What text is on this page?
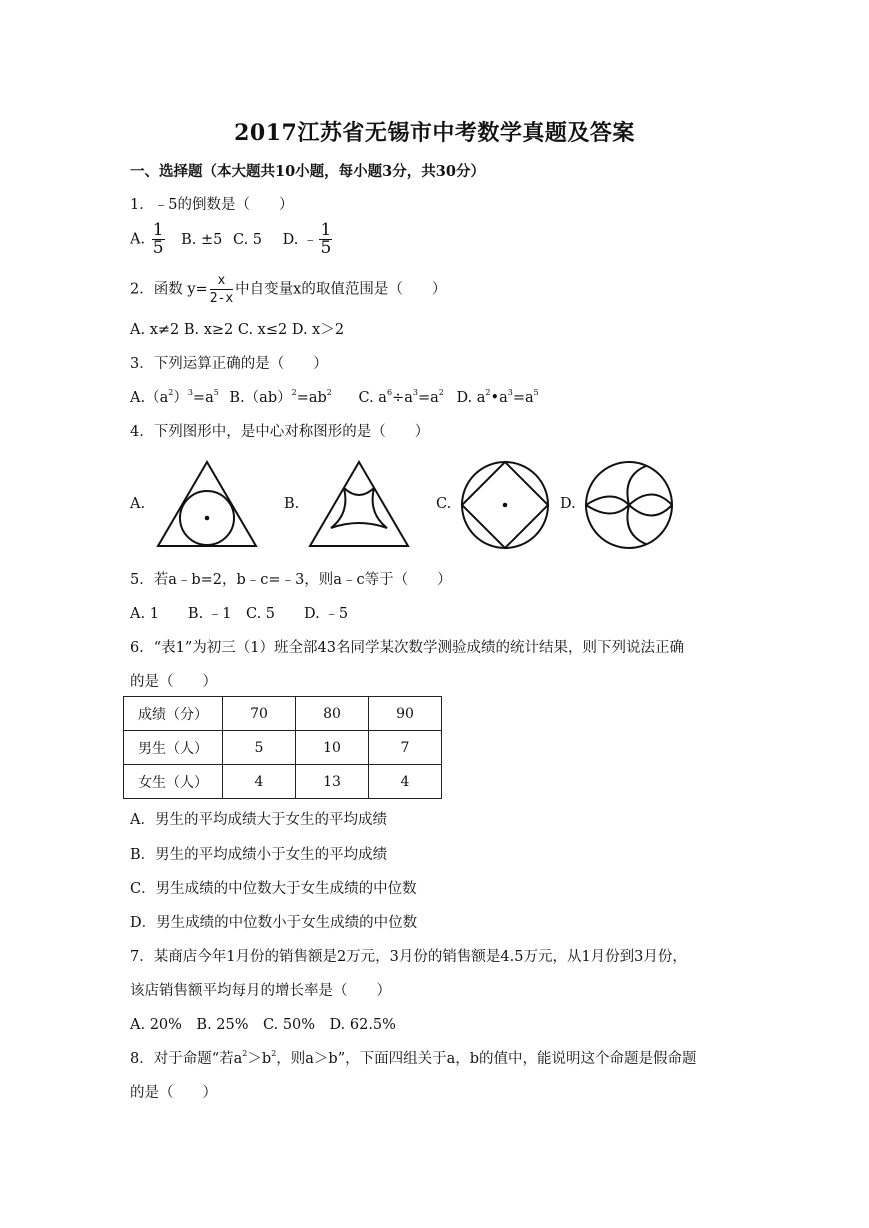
2017江苏省无锡市中考数学真题及答案
一、选择题（本大题共10小题，每小题3分，共30分）
1．﹣5的倒数是（　　）
A. $\frac{1}{5} B$. ±5 C. 5 D. ﹣ $\frac{1}{5}$
2．函数 $y= \frac{x}{2-x}$ 中自变量x的取值范围是（　　）
A. x≠2 B. x≥2 C. x≤2 D. x＞2
3．下列运算正确的是（　　）
$A.(a^2)^3=a^5$ $B.(ab)^2=ab^2$ C. $a^6\div a^3=a^2$ D. $a^2•a^3=a^5$
4．下列图形中，是中心对称图形的是（　　）
A.	B.	C.	D.
5．若a﹣b=2，b﹣c=﹣3，则a﹣c等于（　　）
A. 1　　B. ﹣1　C. 5　　D. ﹣5
6．“表1”为初三（1）班全部43名同学某次数学测验成绩的统计结果，则下列说法正确
的是（　　）
成绩（分）	70	80	90
男生（人）	5	10	7
女生（人）	4	13	4
A．男生的平均成绩大于女生的平均成绩
B．男生的平均成绩小于女生的平均成绩
C．男生成绩的中位数大于女生成绩的中位数
D．男生成绩的中位数小于女生成绩的中位数
7．某商店今年1月份的销售额是2万元，3月份的销售额是4.5万元，从1月份到3月份，
该店销售额平均每月的增长率是（　　）
A. 20%　B. 25%　C. 50%　D. 62.5%
8．对于命题“若$a^2>b^2$，则a＞b”，下面四组关于a，b的值中，能说明这个命题是假命题
的是（　　）
